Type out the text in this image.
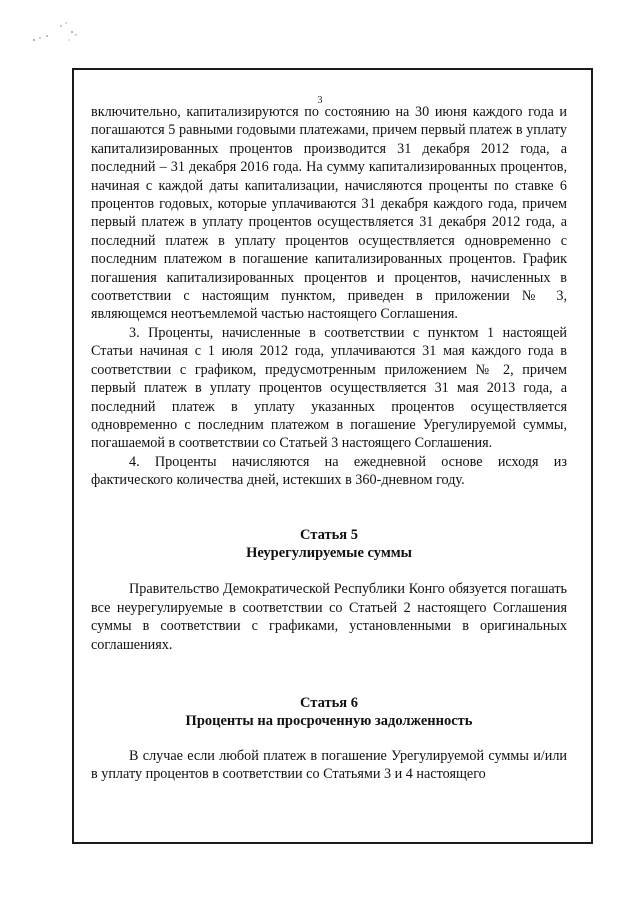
3

включительно, капитализируются по состоянию на 30 июня каждого года и погашаются 5 равными годовыми платежами, причем первый платеж в уплату капитализированных процентов производится 31 декабря 2012 года, а последний – 31 декабря 2016 года. На сумму капитализированных процентов, начиная с каждой даты капитализации, начисляются проценты по ставке 6 процентов годовых, которые уплачиваются 31 декабря каждого года, причем первый платеж в уплату процентов осуществляется 31 декабря 2012 года, а последний платеж в уплату процентов осуществляется одновременно с последним платежом в погашение капитализированных процентов. График погашения капитализированных процентов и процентов, начисленных в соответствии с настоящим пунктом, приведен в приложении № 3, являющемся неотъемлемой частью настоящего Соглашения.

3. Проценты, начисленные в соответствии с пунктом 1 настоящей Статьи начиная с 1 июля 2012 года, уплачиваются 31 мая каждого года в соответствии с графиком, предусмотренным приложением № 2, причем первый платеж в уплату процентов осуществляется 31 мая 2013 года, а последний платеж в уплату указанных процентов осуществляется одновременно с последним платежом в погашение Урегулируемой суммы, погашаемой в соответствии со Статьей 3 настоящего Соглашения.

4. Проценты начисляются на ежедневной основе исходя из фактического количества дней, истекших в 360-дневном году.

Статья 5
Неурегулируемые суммы

Правительство Демократической Республики Конго обязуется погашать все неурегулируемые в соответствии со Статьей 2 настоящего Соглашения суммы в соответствии с графиками, установленными в оригинальных соглашениях.

Статья 6
Проценты на просроченную задолженность

В случае если любой платеж в погашение Урегулируемой суммы и/или в уплату процентов в соответствии со Статьями 3 и 4 настоящего
